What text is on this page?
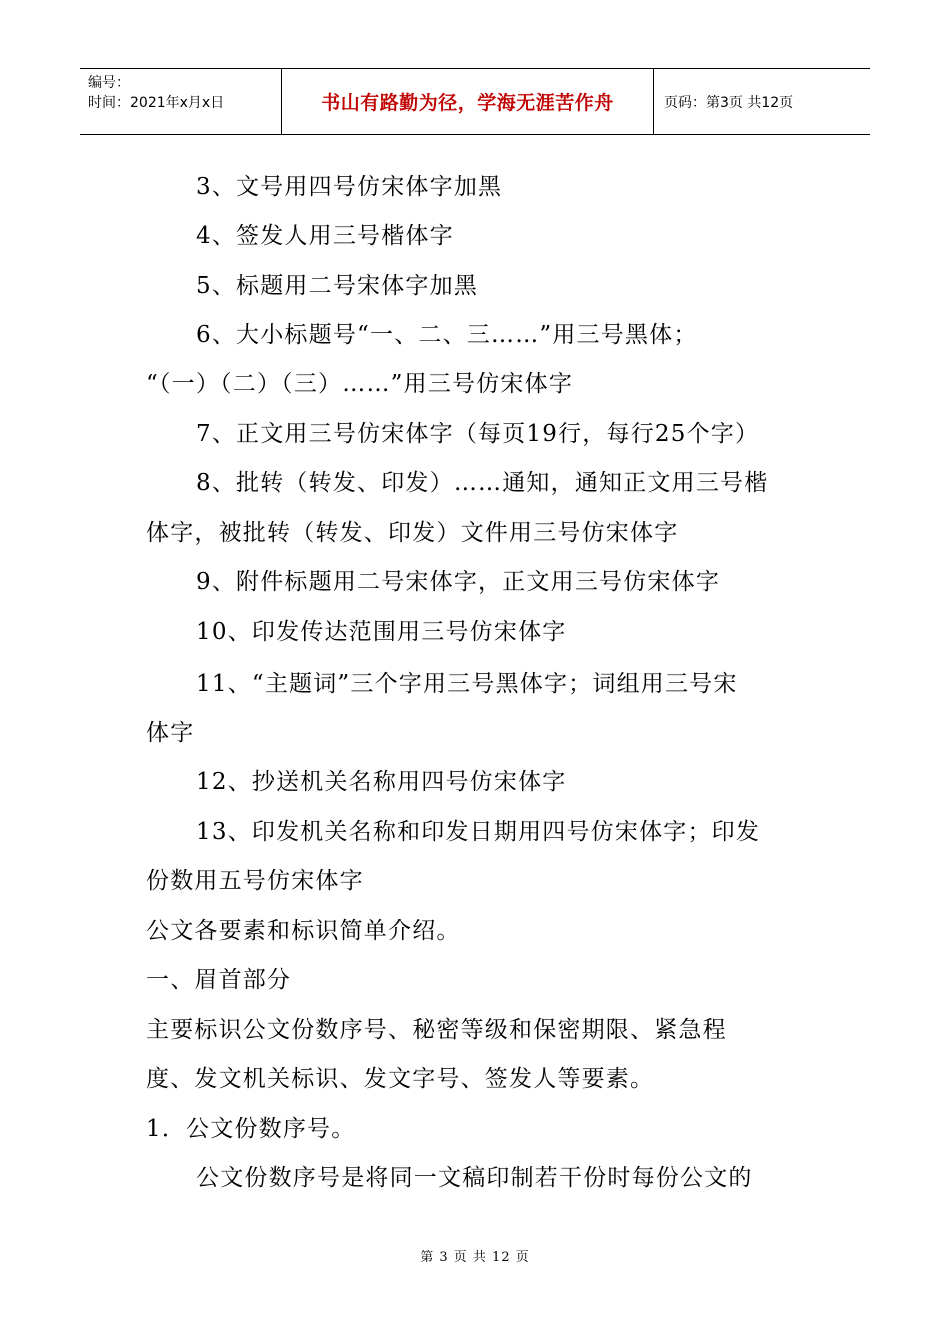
编号：
时间：2021年x月x日	书山有路勤为径，学海无涯苦作舟	页码：第3页 共12页
3、文号用四号仿宋体字加黑
4、签发人用三号楷体字
5、标题用二号宋体字加黑
6、大小标题号“一、二、三……”用三号黑体；
“（一）（二）（三）……”用三号仿宋体字
7、正文用三号仿宋体字（每页19行，每行25个字）
8、批转（转发、印发）……通知，通知正文用三号楷
体字，被批转（转发、印发）文件用三号仿宋体字
9、附件标题用二号宋体字，正文用三号仿宋体字
10、印发传达范围用三号仿宋体字
11、“主题词”三个字用三号黑体字；词组用三号宋
体字
12、抄送机关名称用四号仿宋体字
13、印发机关名称和印发日期用四号仿宋体字；印发
份数用五号仿宋体字
公文各要素和标识简单介绍。
一、眉首部分
主要标识公文份数序号、秘密等级和保密期限、紧急程
度、发文机关标识、发文字号、签发人等要素。
1．公文份数序号。
公文份数序号是将同一文稿印制若干份时每份公文的
第 3 页 共 12 页
